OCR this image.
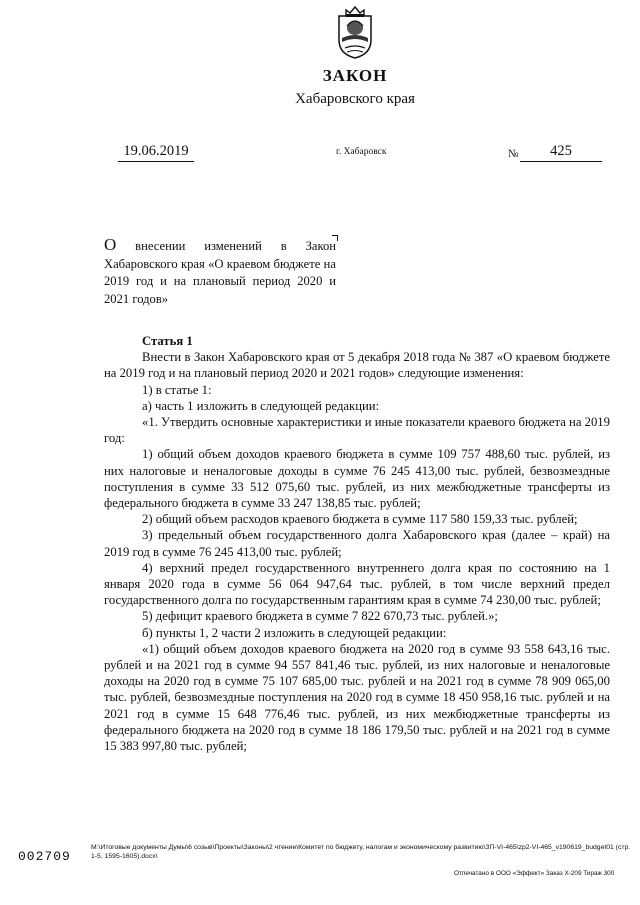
ЗАКОН
Хабаровского края
19.06.2019	г. Хабаровск	№	425
О внесении изменений в Закон Хабаровского края «О краевом бюджете на 2019 год и на плановый период 2020 и 2021 годов»

Статья 1

Внести в Закон Хабаровского края от 5 декабря 2018 года № 387 «О краевом бюджете на 2019 год и на плановый период 2020 и 2021 годов» следующие изменения:

1) в статье 1:

а) часть 1 изложить в следующей редакции:

«1. Утвердить основные характеристики и иные показатели краевого бюджета на 2019 год:

1) общий объем доходов краевого бюджета в сумме 109 757 488,60 тыс. рублей, из них налоговые и неналоговые доходы в сумме 76 245 413,00 тыс. рублей, безвозмездные поступления в сумме 33 512 075,60 тыс. рублей, из них межбюджетные трансферты из федерального бюджета в сумме 33 247 138,85 тыс. рублей;

2) общий объем расходов краевого бюджета в сумме 117 580 159,33 тыс. рублей;

3) предельный объем государственного долга Хабаровского края (далее – край) на 2019 год в сумме 76 245 413,00 тыс. рублей;

4) верхний предел государственного внутреннего долга края по состоянию на 1 января 2020 года в сумме 56 064 947,64 тыс. рублей, в том числе верхний предел государственного долга по государственным гарантиям края в сумме 74 230,00 тыс. рублей;

5) дефицит краевого бюджета в сумме 7 822 670,73 тыс. рублей.»;

б) пункты 1, 2 части 2 изложить в следующей редакции:

«1) общий объем доходов краевого бюджета на 2020 год в сумме 93 558 643,16 тыс. рублей и на 2021 год в сумме 94 557 841,46 тыс. рублей, из них налоговые и неналоговые доходы на 2020 год в сумме 75 107 685,00 тыс. рублей и на 2021 год в сумме 78 909 065,00 тыс. рублей, безвозмездные поступления на 2020 год в сумме 18 450 958,16 тыс. рублей и на 2021 год в сумме 15 648 776,46 тыс. рублей, из них межбюджетные трансферты из федерального бюджета на 2020 год в сумме 18 186 179,50 тыс. рублей и на 2021 год в сумме 15 383 997,80 тыс. рублей;

002709
M:\Итоговые документы Думы\6 созыв\Проекты\Законы\2 чтение\Комитет по бюджету, налогам и экономическому развитию\ЗП-VI-465\zp2-VI-465_v190619_budget01 (стр. 1-5, 1595-1605).docx\
Отпечатано в ООО «Эффект» Заказ Х-209 Тираж 300
